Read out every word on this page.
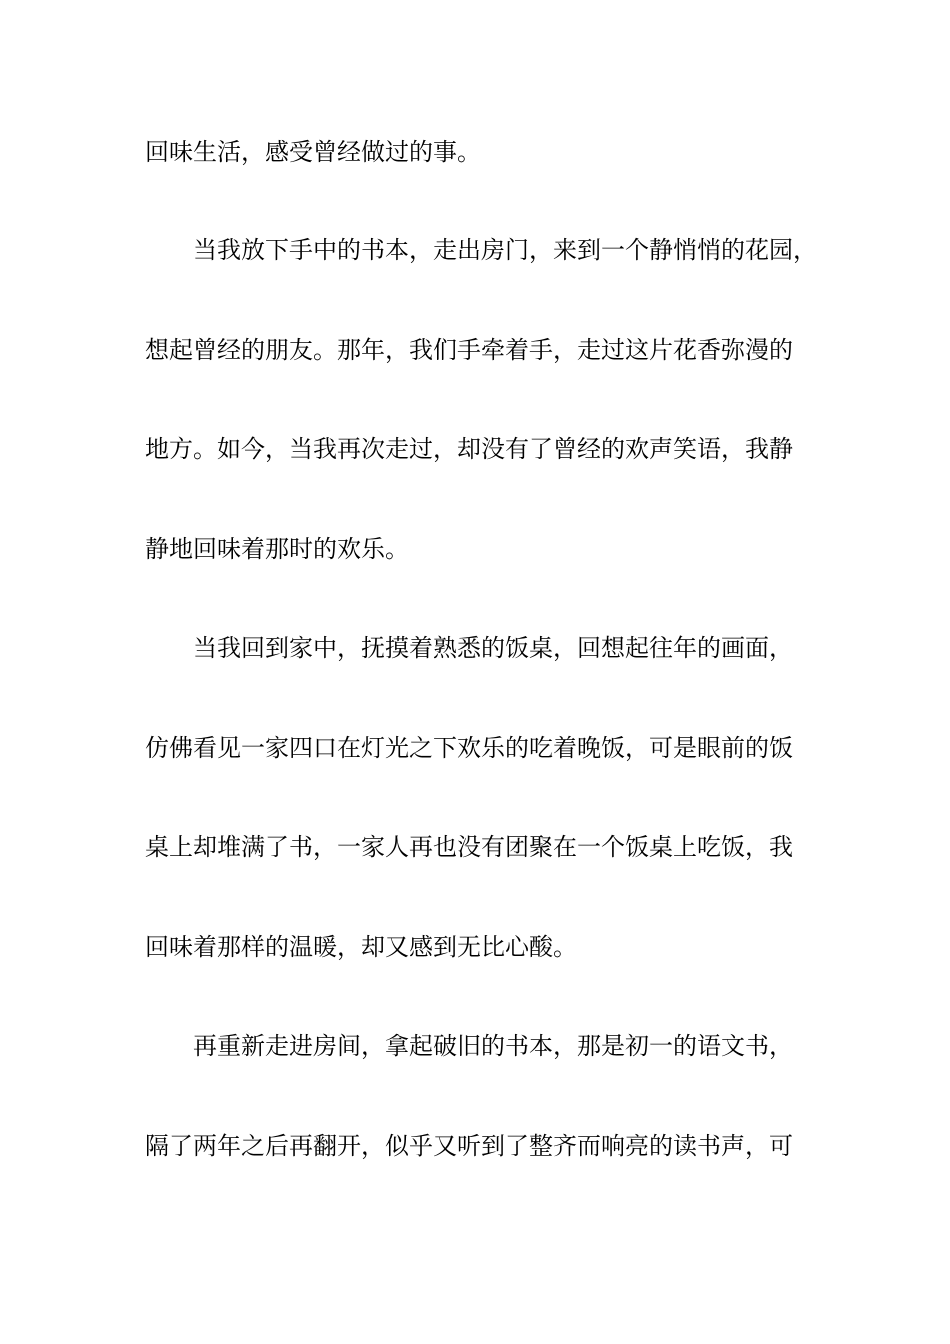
回味生活，感受曾经做过的事。
当我放下手中的书本，走出房门，来到一个静悄悄的花园，
想起曾经的朋友。那年，我们手牵着手，走过这片花香弥漫的
地方。如今，当我再次走过，却没有了曾经的欢声笑语，我静
静地回味着那时的欢乐。
当我回到家中，抚摸着熟悉的饭桌，回想起往年的画面，
仿佛看见一家四口在灯光之下欢乐的吃着晚饭，可是眼前的饭
桌上却堆满了书，一家人再也没有团聚在一个饭桌上吃饭，我
回味着那样的温暖，却又感到无比心酸。
再重新走进房间，拿起破旧的书本，那是初一的语文书，
隔了两年之后再翻开，似乎又听到了整齐而响亮的读书声，可
